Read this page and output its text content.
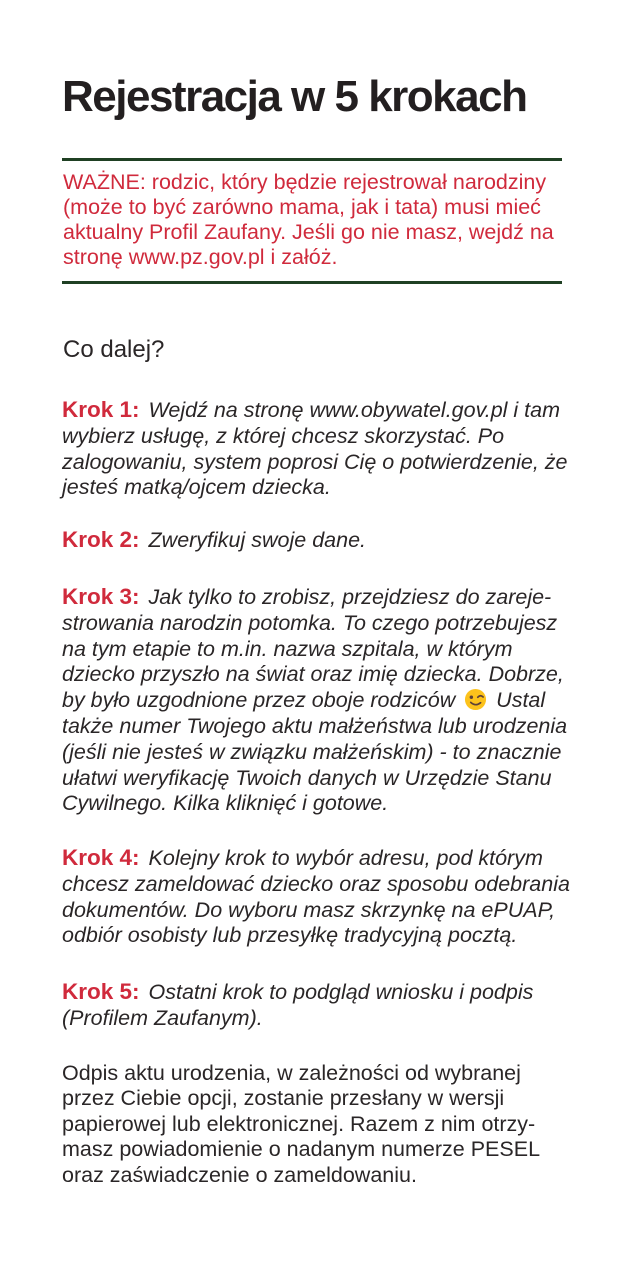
Rejestracja w 5 krokach
WAŻNE: rodzic, który będzie rejestrował narodziny
(może to być zarówno mama, jak i tata) musi mieć
aktualny Profil Zaufany. Jeśli go nie masz, wejdź na
stronę www.pz.gov.pl i załóż.
Co dalej?
Krok 1: Wejdź na stronę www.obywatel.gov.pl i tam
wybierz usługę, z której chcesz skorzystać. Po
zalogowaniu, system poprosi Cię o potwierdzenie, że
jesteś matką/ojcem dziecka.
Krok 2: Zweryfikuj swoje dane.
Krok 3: Jak tylko to zrobisz, przejdziesz do zareje-
strowania narodzin potomka. To czego potrzebujesz
na tym etapie to m.in. nazwa szpitala, w którym
dziecko przyszło na świat oraz imię dziecka. Dobrze,
by było uzgodnione przez oboje rodziców  Ustal
także numer Twojego aktu małżeństwa lub urodzenia
(jeśli nie jesteś w związku małżeńskim) - to znacznie
ułatwi weryfikację Twoich danych w Urzędzie Stanu
Cywilnego. Kilka kliknięć i gotowe.
Krok 4: Kolejny krok to wybór adresu, pod którym
chcesz zameldować dziecko oraz sposobu odebrania
dokumentów. Do wyboru masz skrzynkę na ePUAP,
odbiór osobisty lub przesyłkę tradycyjną pocztą.
Krok 5: Ostatni krok to podgląd wniosku i podpis
(Profilem Zaufanym).
Odpis aktu urodzenia, w zależności od wybranej
przez Ciebie opcji, zostanie przesłany w wersji
papierowej lub elektronicznej. Razem z nim otrzy-
masz powiadomienie o nadanym numerze PESEL
oraz zaświadczenie o zameldowaniu.
